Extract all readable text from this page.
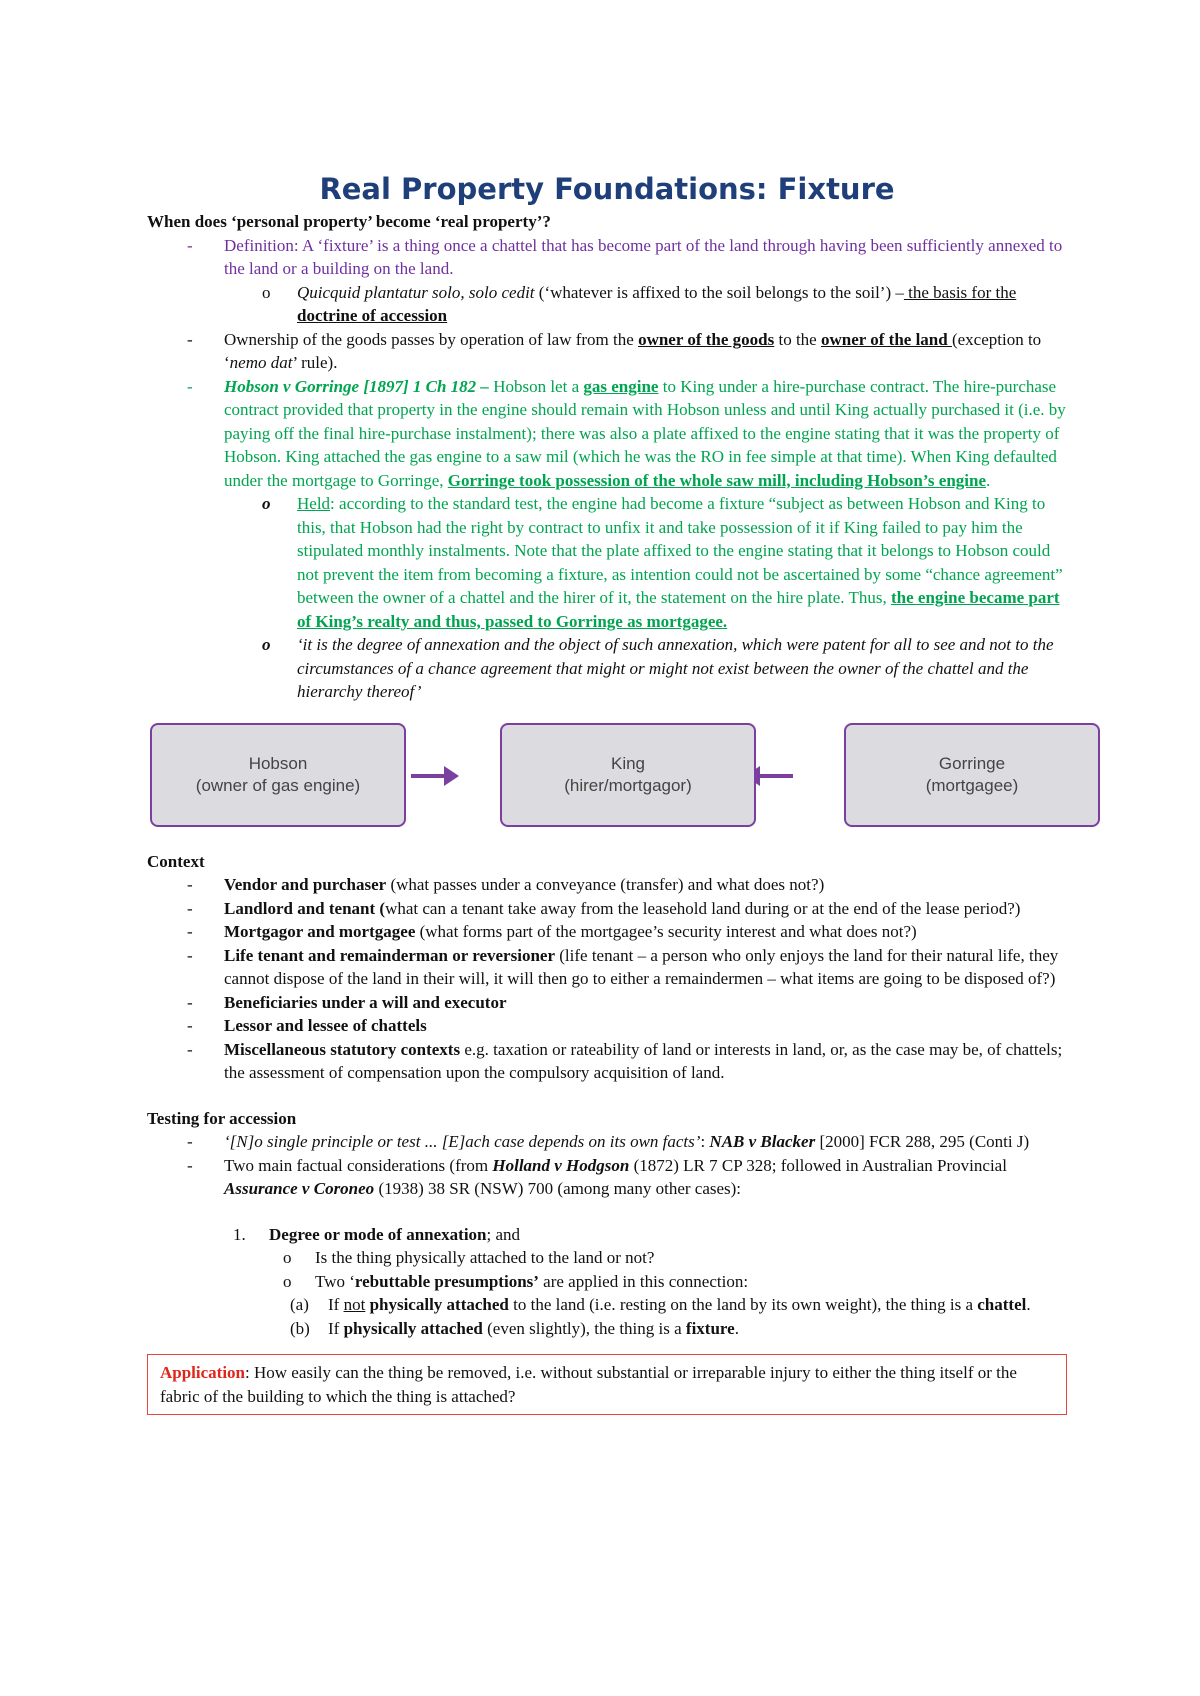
Real Property Foundations: Fixture
When does ‘personal property’ become ‘real property’?
- Definition: A ‘fixture’ is a thing once a chattel that has become part of the land through having been sufficiently annexed to the land or a building on the land.
o Quicquid plantatur solo, solo cedit (‘whatever is affixed to the soil belongs to the soil’) – the basis for the doctrine of accession
- Ownership of the goods passes by operation of law from the owner of the goods to the owner of the land (exception to ‘nemo dat’ rule).
- Hobson v Gorringe [1897] 1 Ch 182 – Hobson let a gas engine to King under a hire-purchase contract. The hire-purchase contract provided that property in the engine should remain with Hobson unless and until King actually purchased it (i.e. by paying off the final hire-purchase instalment); there was also a plate affixed to the engine stating that it was the property of Hobson. King attached the gas engine to a saw mil (which he was the RO in fee simple at that time). When King defaulted under the mortgage to Gorringe, Gorringe took possession of the whole saw mill, including Hobson’s engine.
o Held: according to the standard test, the engine had become a fixture “subject as between Hobson and King to this, that Hobson had the right by contract to unfix it and take possession of it if King failed to pay him the stipulated monthly instalments. Note that the plate affixed to the engine stating that it belongs to Hobson could not prevent the item from becoming a fixture, as intention could not be ascertained by some “chance agreement” between the owner of a chattel and the hirer of it, the statement on the hire plate. Thus, the engine became part of King’s realty and thus, passed to Gorringe as mortgagee.
o ‘it is the degree of annexation and the object of such annexation, which were patent for all to see and not to the circumstances of a chance agreement that might or might not exist between the owner of the chattel and the hierarchy thereof’
Hobson
(owner of gas engine)
King
(hirer/mortgagor)
Gorringe
(mortgagee)
Context
- Vendor and purchaser (what passes under a conveyance (transfer) and what does not?)
- Landlord and tenant (what can a tenant take away from the leasehold land during or at the end of the lease period?)
- Mortgagor and mortgagee (what forms part of the mortgagee’s security interest and what does not?)
- Life tenant and remainderman or reversioner (life tenant – a person who only enjoys the land for their natural life, they cannot dispose of the land in their will, it will then go to either a remaindermen – what items are going to be disposed of?)
- Beneficiaries under a will and executor
- Lessor and lessee of chattels
- Miscellaneous statutory contexts e.g. taxation or rateability of land or interests in land, or, as the case may be, of chattels; the assessment of compensation upon the compulsory acquisition of land.
Testing for accession
- ‘[N]o single principle or test ... [E]ach case depends on its own facts’: NAB v Blacker [2000] FCR 288, 295 (Conti J)
- Two main factual considerations (from Holland v Hodgson (1872) LR 7 CP 328; followed in Australian Provincial Assurance v Coroneo (1938) 38 SR (NSW) 700 (among many other cases):
1. Degree or mode of annexation; and
o Is the thing physically attached to the land or not?
o Two ‘rebuttable presumptions’ are applied in this connection:
(a) If not physically attached to the land (i.e. resting on the land by its own weight), the thing is a chattel.
(b) If physically attached (even slightly), the thing is a fixture.
Application: How easily can the thing be removed, i.e. without substantial or irreparable injury to either the thing itself or the fabric of the building to which the thing is attached?
